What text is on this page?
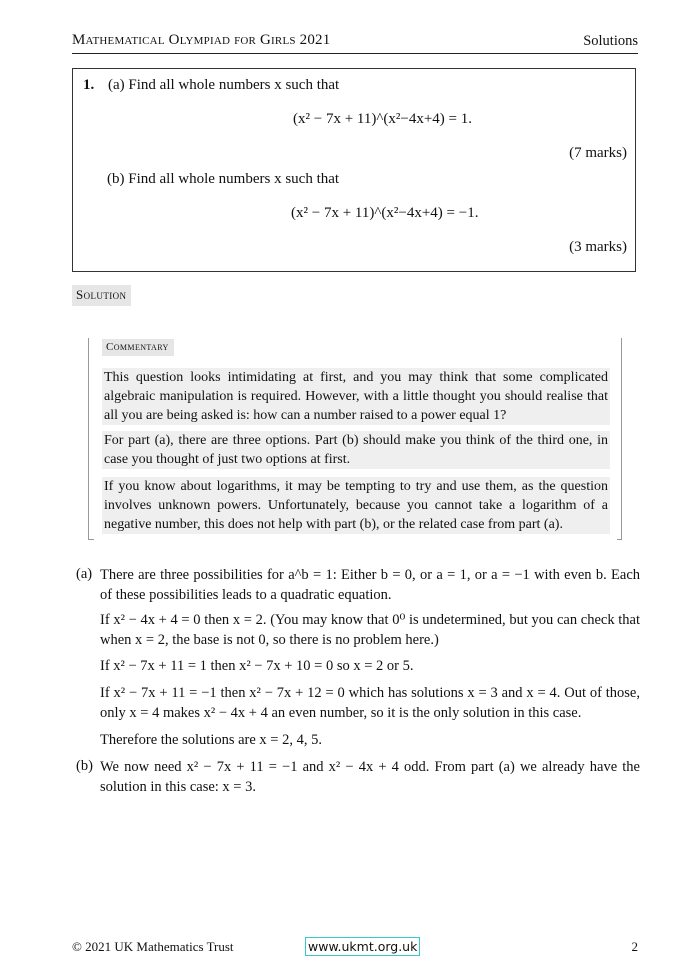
Mathematical Olympiad for Girls 2021	Solutions
1. (a) Find all whole numbers x such that
(x² − 7x + 11)^(x²−4x+4) = 1.
(7 marks)
(b) Find all whole numbers x such that
(x² − 7x + 11)^(x²−4x+4) = −1.
(3 marks)
Solution
Commentary
This question looks intimidating at first, and you may think that some complicated algebraic manipulation is required. However, with a little thought you should realise that all you are being asked is: how can a number raised to a power equal 1?
For part (a), there are three options. Part (b) should make you think of the third one, in case you thought of just two options at first.
If you know about logarithms, it may be tempting to try and use them, as the question involves unknown powers. Unfortunately, because you cannot take a logarithm of a negative number, this does not help with part (b), or the related case from part (a).
(a) There are three possibilities for a^b = 1: Either b = 0, or a = 1, or a = −1 with even b. Each of these possibilities leads to a quadratic equation.
If x² − 4x + 4 = 0 then x = 2. (You may know that 0⁰ is undetermined, but you can check that when x = 2, the base is not 0, so there is no problem here.)
If x² − 7x + 11 = 1 then x² − 7x + 10 = 0 so x = 2 or 5.
If x² − 7x + 11 = −1 then x² − 7x + 12 = 0 which has solutions x = 3 and x = 4. Out of those, only x = 4 makes x² − 4x + 4 an even number, so it is the only solution in this case.
Therefore the solutions are x = 2, 4, 5.
(b) We now need x² − 7x + 11 = −1 and x² − 4x + 4 odd. From part (a) we already have the solution in this case: x = 3.
© 2021 UK Mathematics Trust	www.ukmt.org.uk	2
